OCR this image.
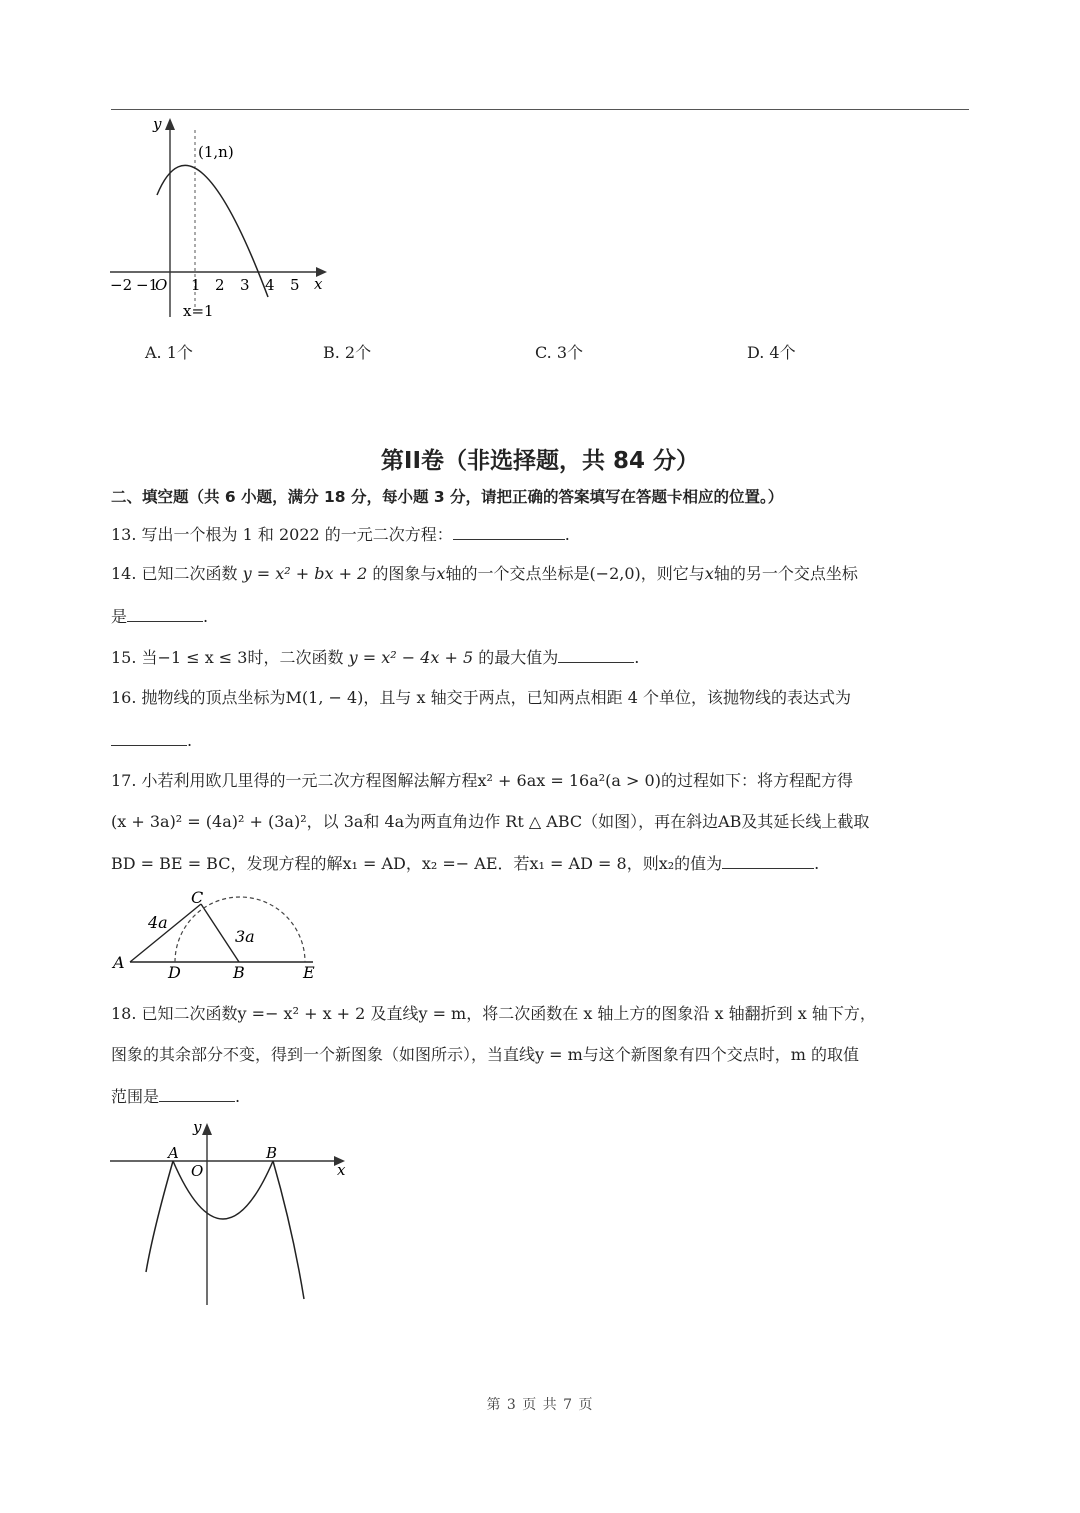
y
x
(1,n)
x=1
−2 −1
O 1 2 3 4 5
A. 1个	B. 2个	C. 3个	D. 4个
第II卷（非选择题，共 84 分）
二、填空题（共 6 小题，满分 18 分，每小题 3 分，请把正确的答案填写在答题卡相应的位置。）
13. 写出一个根为 1 和 2022 的一元二次方程：	.
14. 已知二次函数 y = x² + bx + 2 的图象与x轴的一个交点坐标是(−2,0)，则它与x轴的另一个交点坐标
是	.
15. 当−1 ≤ x ≤ 3时，二次函数 y = x² − 4x + 5 的最大值为	.
16. 抛物线的顶点坐标为M(1, − 4)，且与 x 轴交于两点，已知两点相距 4 个单位，该抛物线的表达式为
.
17. 小若利用欧几里得的一元二次方程图解法解方程x² + 6ax = 16a²(a > 0)的过程如下：将方程配方得
(x + 3a)² = (4a)² + (3a)²，以 3a和 4a为两直角边作 Rt △ ABC（如图），再在斜边AB及其延长线上截取
BD = BE = BC，发现方程的解x₁ = AD，x₂ =− AE．若x₁ = AD = 8，则x₂的值为	.
A
C
D	B	E
4a
3a
18. 已知二次函数y =− x² + x + 2 及直线y = m，将二次函数在 x 轴上方的图象沿 x 轴翻折到 x 轴下方，
图象的其余部分不变，得到一个新图象（如图所示），当直线y = m与这个新图象有四个交点时，m 的取值
范围是	.
y
x
A
O
B
第 3 页 共 7 页
